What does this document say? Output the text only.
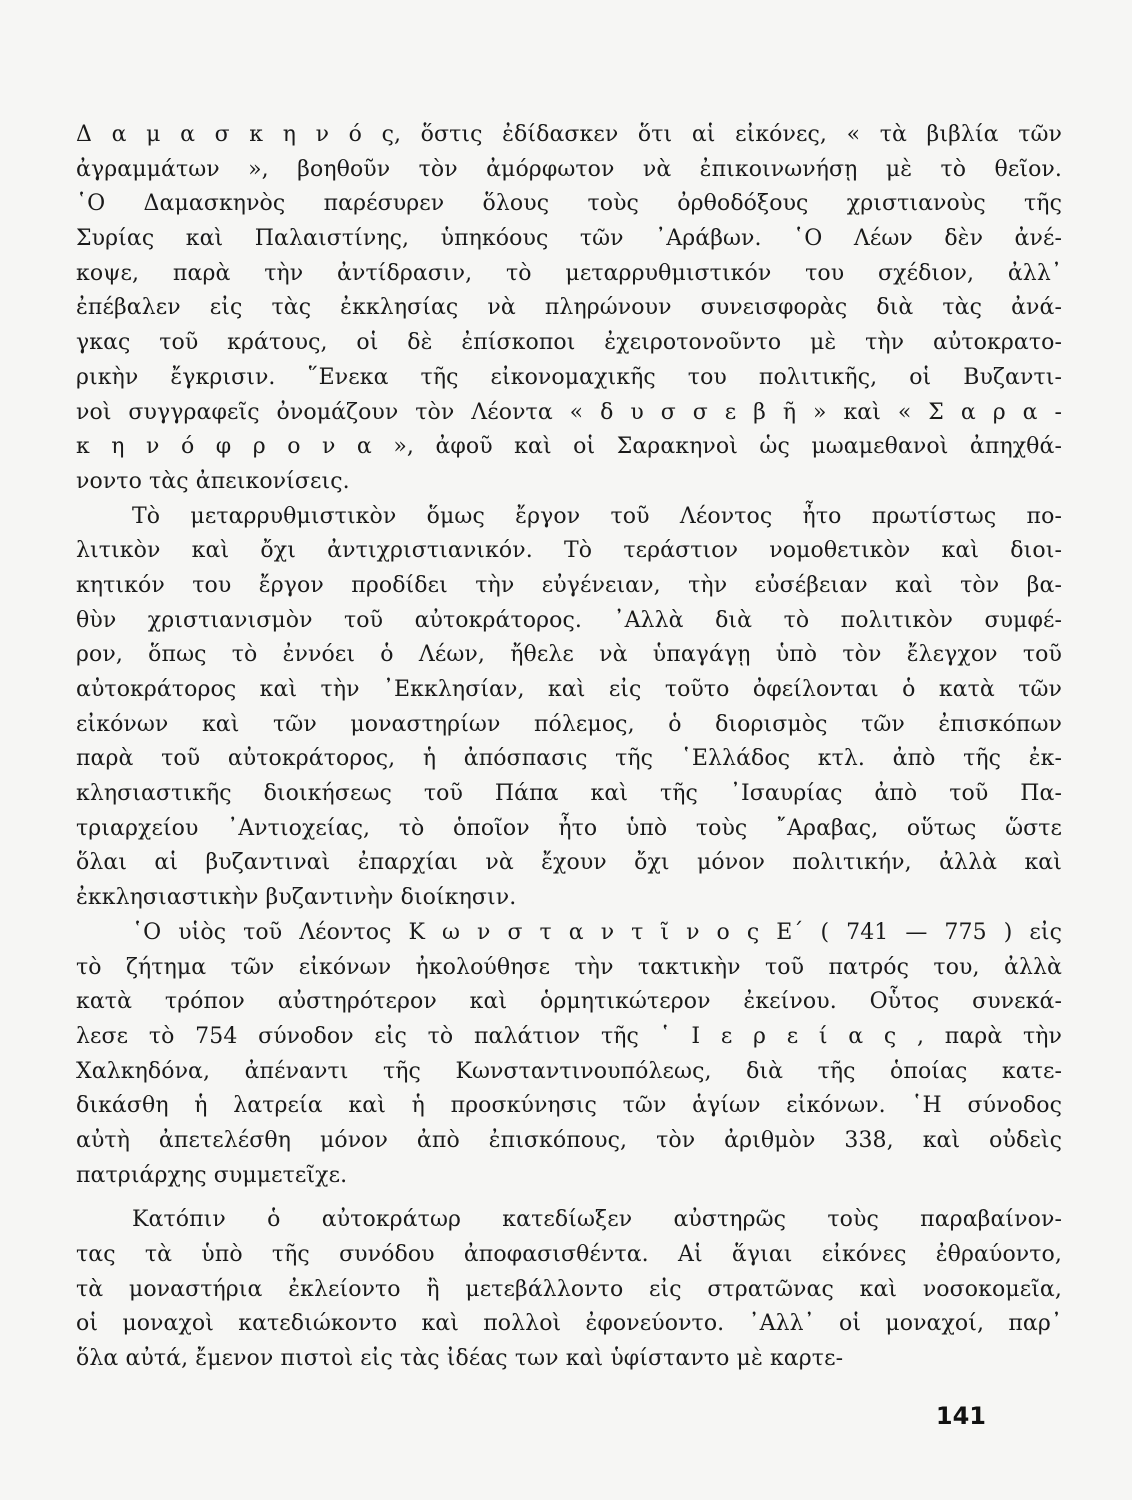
Δ α μ α σ κ η ν ό ς, ὅστις ἐδίδασκεν ὅτι αἱ εἰκόνες, « τὰ βιβλία τῶν
ἀγραμμάτων », βοηθοῦν τὸν ἀμόρφωτον νὰ ἐπικοινωνήσῃ μὲ τὸ θεῖον.
῾Ο Δαμασκηνὸς παρέσυρεν ὅλους τοὺς ὀρθοδόξους χριστιανοὺς τῆς
Συρίας καὶ Παλαιστίνης, ὑπηκόους τῶν ᾽Αράβων. ῾Ο Λέων δὲν ἀνέ-
κοψε, παρὰ τὴν ἀντίδρασιν, τὸ μεταρρυθμιστικόν του σχέδιον, ἀλλ᾽
ἐπέβαλεν εἰς τὰς ἐκκλησίας νὰ πληρώνουν συνεισφορὰς διὰ τὰς ἀνά-
γκας τοῦ κράτους, οἱ δὲ ἐπίσκοποι ἐχειροτονοῦντο μὲ τὴν αὐτοκρατο-
ρικὴν ἔγκρισιν. ῞Ενεκα τῆς εἰκονομαχικῆς του πολιτικῆς, οἱ Βυζαντι-
νοὶ συγγραφεῖς ὀνομάζουν τὸν Λέοντα « δ υ σ σ ε β ῆ » καὶ « Σ α ρ α -
κ η ν ό φ ρ ο ν α », ἀφοῦ καὶ οἱ Σαρακηνοὶ ὡς μωαμεθανοὶ ἀπηχθά-
νοντο τὰς ἀπεικονίσεις.
Τὸ μεταρρυθμιστικὸν ὅμως ἔργον τοῦ Λέοντος ἦτο πρωτίστως πο-
λιτικὸν καὶ ὄχι ἀντιχριστιανικόν. Τὸ τεράστιον νομοθετικὸν καὶ διοι-
κητικόν του ἔργον προδίδει τὴν εὐγένειαν, τὴν εὐσέβειαν καὶ τὸν βα-
θὺν χριστιανισμὸν τοῦ αὐτοκράτορος. ᾽Αλλὰ διὰ τὸ πολιτικὸν συμφέ-
ρον, ὅπως τὸ ἐννόει ὁ Λέων, ἤθελε νὰ ὑπαγάγῃ ὑπὸ τὸν ἔλεγχον τοῦ
αὐτοκράτορος καὶ τὴν ᾽Εκκλησίαν, καὶ εἰς τοῦτο ὀφείλονται ὁ κατὰ τῶν
εἰκόνων καὶ τῶν μοναστηρίων πόλεμος, ὁ διορισμὸς τῶν ἐπισκόπων
παρὰ τοῦ αὐτοκράτορος, ἡ ἀπόσπασις τῆς ῾Ελλάδος κτλ. ἀπὸ τῆς ἐκ-
κλησιαστικῆς διοικήσεως τοῦ Πάπα καὶ τῆς ᾽Ισαυρίας ἀπὸ τοῦ Πα-
τριαρχείου ᾽Αντιοχείας, τὸ ὁποῖον ἦτο ὑπὸ τοὺς ῎Αραβας, οὕτως ὥστε
ὅλαι αἱ βυζαντιναὶ ἐπαρχίαι νὰ ἔχουν ὄχι μόνον πολιτικήν, ἀλλὰ καὶ
ἐκκλησιαστικὴν βυζαντινὴν διοίκησιν.
῾Ο υἱὸς τοῦ Λέοντος Κ ω ν σ τ α ν τ ῖ ν ο ς Ε΄ ( 741 — 775 ) εἰς
τὸ ζήτημα τῶν εἰκόνων ἠκολούθησε τὴν τακτικὴν τοῦ πατρός του, ἀλλὰ
κατὰ τρόπον αὐστηρότερον καὶ ὁρμητικώτερον ἐκείνου. Οὗτος συνεκά-
λεσε τὸ 754 σύνοδον εἰς τὸ παλάτιον τῆς ῾ Ι ε ρ ε ί α ς , παρὰ τὴν
Χαλκηδόνα, ἀπέναντι τῆς Κωνσταντινουπόλεως, διὰ τῆς ὁποίας κατε-
δικάσθη ἡ λατρεία καὶ ἡ προσκύνησις τῶν ἁγίων εἰκόνων. ῾Η σύνοδος
αὐτὴ ἀπετελέσθη μόνον ἀπὸ ἐπισκόπους, τὸν ἀριθμὸν 338, καὶ οὐδεὶς
πατριάρχης συμμετεῖχε.
Κατόπιν ὁ αὐτοκράτωρ κατεδίωξεν αὐστηρῶς τοὺς παραβαίνον-
τας τὰ ὑπὸ τῆς συνόδου ἀποφασισθέντα. Αἱ ἅγιαι εἰκόνες ἐθραύοντο,
τὰ μοναστήρια ἐκλείοντο ἢ μετεβάλλοντο εἰς στρατῶνας καὶ νοσοκομεῖα,
οἱ μοναχοὶ κατεδιώκοντο καὶ πολλοὶ ἐφονεύοντο. ᾽Αλλ᾽ οἱ μοναχοί, παρ᾽
ὅλα αὐτά, ἔμενον πιστοὶ εἰς τὰς ἰδέας των καὶ ὑφίσταντο μὲ καρτε-
141
